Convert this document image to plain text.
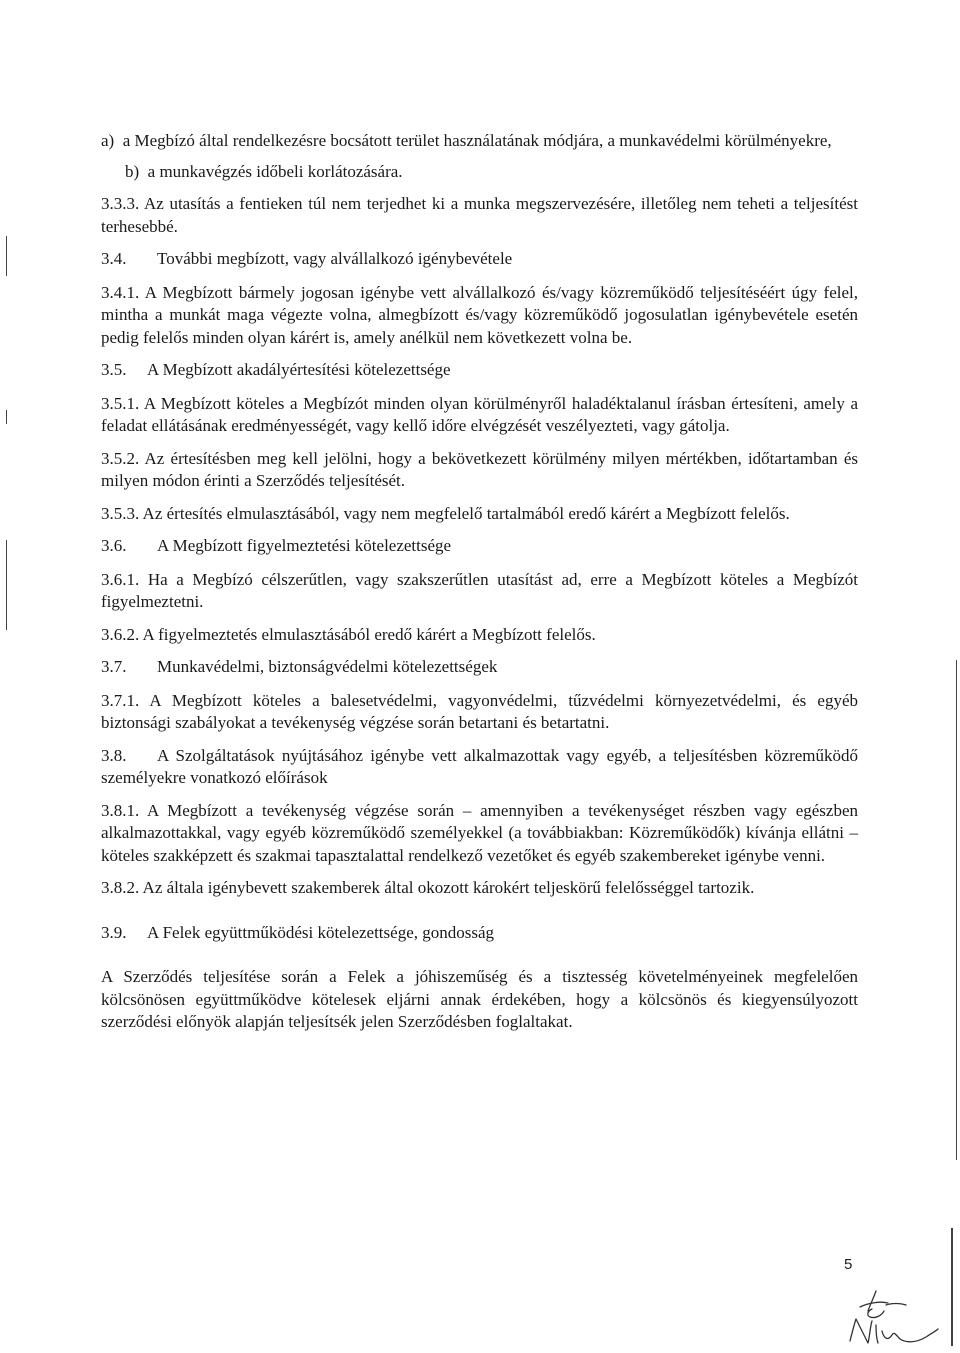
a)  a Megbízó által rendelkezésre bocsátott terület használatának módjára, a munkavédelmi körülményekre,

b)  a munkavégzés időbeli korlátozására.

3.3.3. Az utasítás a fentieken túl nem terjedhet ki a munka megszervezésére, illetőleg nem teheti a teljesítést terhesebbé.

3.4. További megbízott, vagy alvállalkozó igénybevétele

3.4.1. A Megbízott bármely jogosan igénybe vett alvállalkozó és/vagy közreműködő teljesítéséért úgy felel, mintha a munkát maga végezte volna, almegbízott és/vagy közreműködő jogosulatlan igénybevétele esetén pedig felelős minden olyan kárért is, amely anélkül nem következett volna be.

3.5. A Megbízott akadályértesítési kötelezettsége

3.5.1. A Megbízott köteles a Megbízót minden olyan körülményről haladéktalanul írásban értesíteni, amely a feladat ellátásának eredményességét, vagy kellő időre elvégzését veszélyezteti, vagy gátolja.

3.5.2. Az értesítésben meg kell jelölni, hogy a bekövetkezett körülmény milyen mértékben, időtartamban és milyen módon érinti a Szerződés teljesítését.

3.5.3. Az értesítés elmulasztásából, vagy nem megfelelő tartalmából eredő kárért a Megbízott felelős.

3.6. A Megbízott figyelmeztetési kötelezettsége

3.6.1. Ha a Megbízó célszerűtlen, vagy szakszerűtlen utasítást ad, erre a Megbízott köteles a Megbízót figyelmeztetni.

3.6.2. A figyelmeztetés elmulasztásából eredő kárért a Megbízott felelős.

3.7. Munkavédelmi, biztonságvédelmi kötelezettségek

3.7.1. A Megbízott köteles a balesetvédelmi, vagyonvédelmi, tűzvédelmi környezetvédelmi, és egyéb biztonsági szabályokat a tevékenység végzése során betartani és betartatni.

3.8. A Szolgáltatások nyújtásához igénybe vett alkalmazottak vagy egyéb, a teljesítésben közreműködő személyekre vonatkozó előírások

3.8.1. A Megbízott a tevékenység végzése során – amennyiben a tevékenységet részben vagy egészben alkalmazottakkal, vagy egyéb közreműködő személyekkel (a továbbiakban: Közreműködők) kívánja ellátni – köteles szakképzett és szakmai tapasztalattal rendelkező vezetőket és egyéb szakembereket igénybe venni.

3.8.2. Az általa igénybevett szakemberek által okozott károkért teljeskörű felelősséggel tartozik.

3.9. A Felek együttműködési kötelezettsége, gondosság

A Szerződés teljesítése során a Felek a jóhiszeműség és a tisztesség követelményeinek megfelelően kölcsönösen együttműködve kötelesek eljárni annak érdekében, hogy a kölcsönös és kiegyensúlyozott szerződési előnyök alapján teljesítsék jelen Szerződésben foglaltakat.

5
